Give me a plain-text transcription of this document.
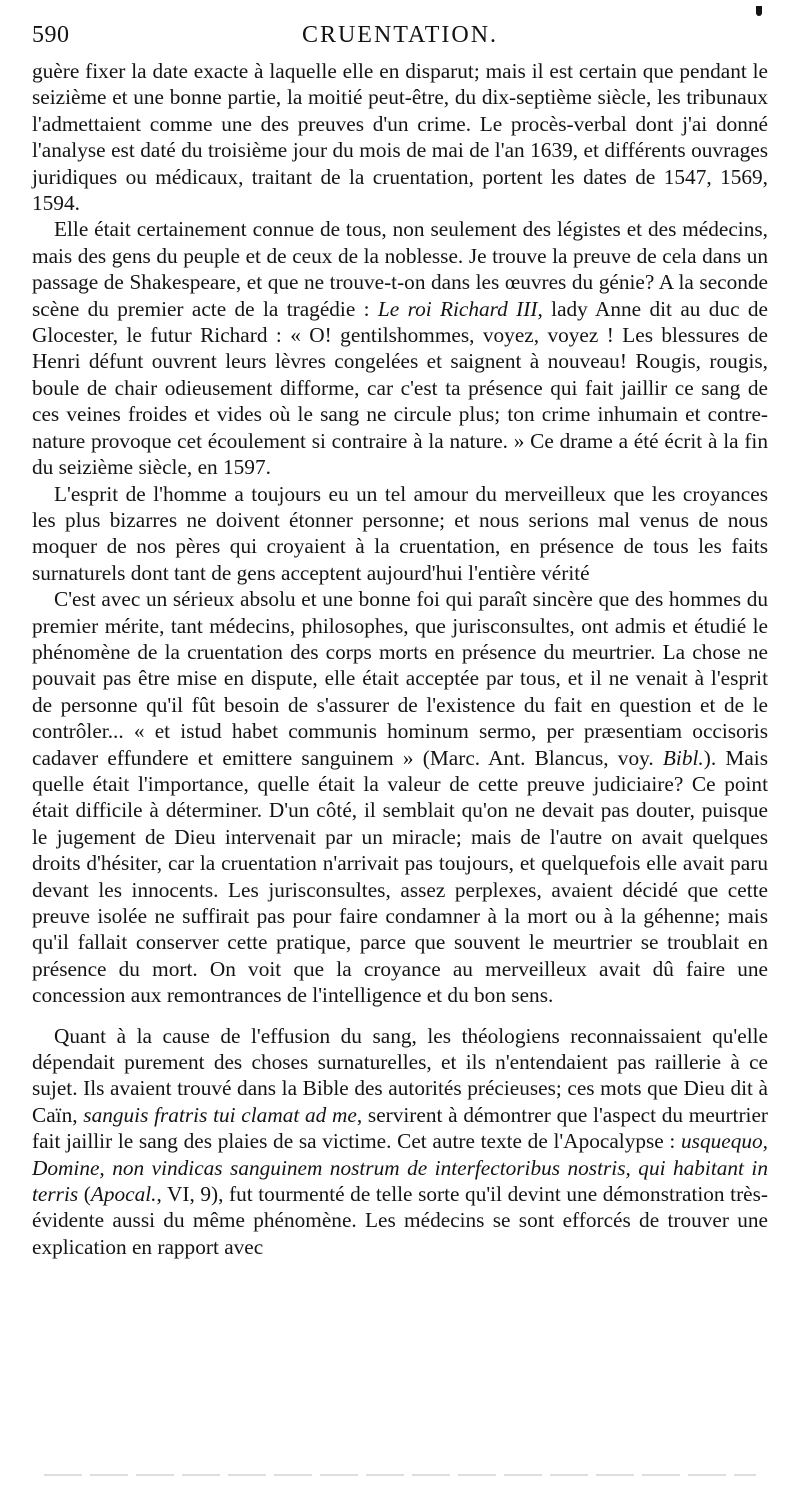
590	CRUENTATION.

guère fixer la date exacte à laquelle elle en disparut; mais il est certain que pendant le seizième et une bonne partie, la moitié peut-être, du dix-septième siècle, les tribunaux l'admettaient comme une des preuves d'un crime. Le procès-verbal dont j'ai donné l'analyse est daté du troisième jour du mois de mai de l'an 1639, et différents ouvrages juridiques ou médicaux, traitant de la cruentation, portent les dates de 1547, 1569, 1594.

Elle était certainement connue de tous, non seulement des légistes et des médecins, mais des gens du peuple et de ceux de la noblesse. Je trouve la preuve de cela dans un passage de Shakespeare, et que ne trouve-t-on dans les œuvres du génie? A la seconde scène du premier acte de la tragédie : Le roi Richard III, lady Anne dit au duc de Glocester, le futur Richard : « O! gentilshommes, voyez, voyez ! Les blessures de Henri défunt ouvrent leurs lèvres congelées et saignent à nouveau! Rougis, rougis, boule de chair odieusement difforme, car c'est ta présence qui fait jaillir ce sang de ces veines froides et vides où le sang ne circule plus; ton crime inhumain et contre-nature provoque cet écoulement si contraire à la nature. » Ce drame a été écrit à la fin du seizième siècle, en 1597.

L'esprit de l'homme a toujours eu un tel amour du merveilleux que les croyances les plus bizarres ne doivent étonner personne; et nous serions mal venus de nous moquer de nos pères qui croyaient à la cruentation, en présence de tous les faits surnaturels dont tant de gens acceptent aujourd'hui l'entière vérité

C'est avec un sérieux absolu et une bonne foi qui paraît sincère que des hommes du premier mérite, tant médecins, philosophes, que jurisconsultes, ont admis et étudié le phénomène de la cruentation des corps morts en présence du meurtrier. La chose ne pouvait pas être mise en dispute, elle était acceptée par tous, et il ne venait à l'esprit de personne qu'il fût besoin de s'assurer de l'existence du fait en question et de le contrôler... « et istud habet communis hominum sermo, per præsentiam occisoris cadaver effundere et emittere sanguinem » (Marc. Ant. Blancus, voy. Bibl.). Mais quelle était l'importance, quelle était la valeur de cette preuve judiciaire? Ce point était difficile à déterminer. D'un côté, il semblait qu'on ne devait pas douter, puisque le jugement de Dieu intervenait par un miracle; mais de l'autre on avait quelques droits d'hésiter, car la cruentation n'arrivait pas toujours, et quelquefois elle avait paru devant les innocents. Les jurisconsultes, assez perplexes, avaient décidé que cette preuve isolée ne suffirait pas pour faire condamner à la mort ou à la géhenne; mais qu'il fallait conserver cette pratique, parce que souvent le meurtrier se troublait en présence du mort. On voit que la croyance au merveilleux avait dû faire une concession aux remontrances de l'intelligence et du bon sens.

Quant à la cause de l'effusion du sang, les théologiens reconnaissaient qu'elle dépendait purement des choses surnaturelles, et ils n'entendaient pas raillerie à ce sujet. Ils avaient trouvé dans la Bible des autorités précieuses; ces mots que Dieu dit à Caïn, sanguis fratris tui clamat ad me, servirent à démontrer que l'aspect du meurtrier fait jaillir le sang des plaies de sa victime. Cet autre texte de l'Apocalypse : usquequo, Domine, non vindicas sanguinem nostrum de interfectoribus nostris, qui habitant in terris (Apocal., VI, 9), fut tourmenté de telle sorte qu'il devint une démonstration très-évidente aussi du même phénomène. Les médecins se sont efforcés de trouver une explication en rapport avec
